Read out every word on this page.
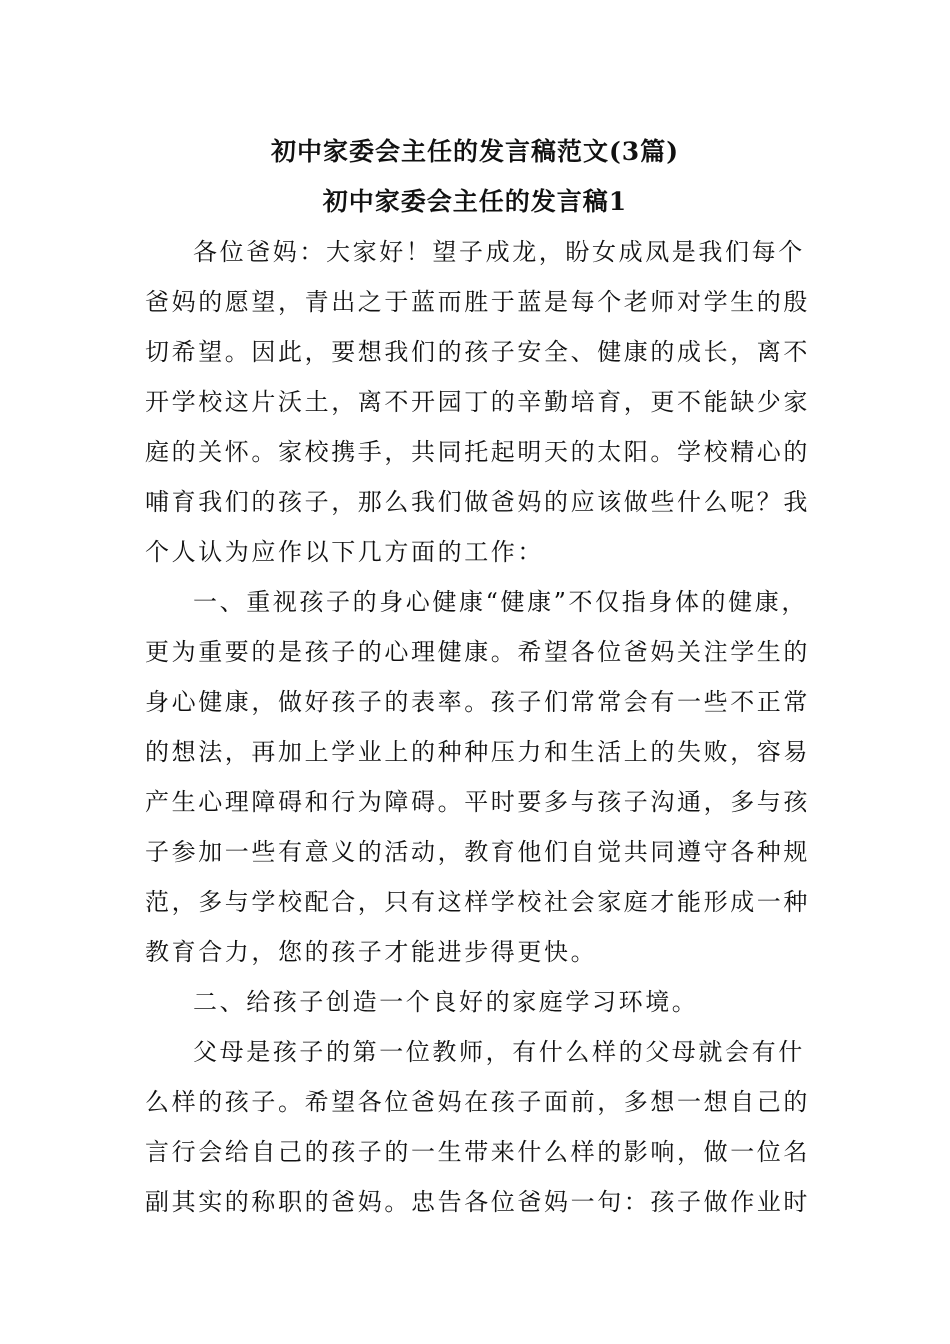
初中家委会主任的发言稿范文(3篇)
初中家委会主任的发言稿1

各位爸妈：大家好！望子成龙，盼女成凤是我们每个

爸妈的愿望，青出之于蓝而胜于蓝是每个老师对学生的殷

切希望。因此，要想我们的孩子安全、健康的成长，离不

开学校这片沃土，离不开园丁的辛勤培育，更不能缺少家

庭的关怀。家校携手，共同托起明天的太阳。学校精心的

哺育我们的孩子，那么我们做爸妈的应该做些什么呢？我

个人认为应作以下几方面的工作：

一、重视孩子的身心健康“健康”不仅指身体的健康，

更为重要的是孩子的心理健康。希望各位爸妈关注学生的

身心健康，做好孩子的表率。孩子们常常会有一些不正常

的想法，再加上学业上的种种压力和生活上的失败，容易

产生心理障碍和行为障碍。平时要多与孩子沟通，多与孩

子参加一些有意义的活动，教育他们自觉共同遵守各种规

范，多与学校配合，只有这样学校社会家庭才能形成一种

教育合力，您的孩子才能进步得更快。

二、给孩子创造一个良好的家庭学习环境。

父母是孩子的第一位教师，有什么样的父母就会有什

么样的孩子。希望各位爸妈在孩子面前，多想一想自己的

言行会给自己的孩子的一生带来什么样的影响，做一位名

副其实的称职的爸妈。忠告各位爸妈一句：孩子做作业时
